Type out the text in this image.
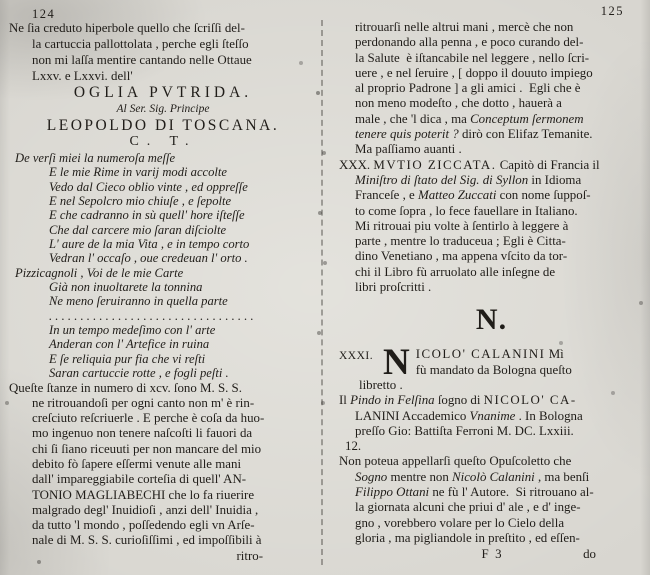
124
Ne ſia creduto hiperbole quello che ſcriſſi del-
la cartuccia pallottolata , perche egli ſteſſo
non mi laſſa mentire cantando nelle Ottaue
Lxxv. e Lxxvi. dell'
OGLIA PVTRIDA.
Al Ser. Sig. Principe
LEOPOLDO DI TOSCANA.
C. T.
De verſi miei la numeroſa meſſe
E le mie Rime in varij modi accolte
Vedo dal Cieco oblio vinte , ed oppreſſe
E nel Sepolcro mio chiuſe , e ſepolte
E che cadranno in sù quell' hore iſteſſe
Che dal carcere mio ſaran diſciolte
L' aure de la mia Vita , e in tempo corto
Vedran l' occaſo , oue credeuan l' orto .
Pizzicagnoli , Voi de le mie Carte
Già non inuoltarete la tonnina
Ne meno ſeruiranno in quella parte
. . . . . . . . . . . . . . . . . . . . . . . . . . . . . . . . .
In un tempo medeſimo con l' arte
Anderan con l' Artefice in ruina
E ſe reliquia pur fia che vi reſti
Saran cartuccie rotte , e fogli peſti .
Queſte ſtanze in numero di xcv. ſono M. S. S.
ne ritrouandoſi per ogni canto non m' è rin-
creſciuto reſcriuerle . E perche è coſa da huo-
mo ingenuo non tenere naſcoſti li fauori da
chi ſi ſiano riceuuti per non mancare del mio
debito fò ſapere eſſermi venute alle mani
dall' impareggiabile corteſia di quell' AN-
TONIO MAGLIABECHI che lo fa riuerire
malgrado degl' Inuidioſi , anzi dell' Inuidia ,
da tutto 'l mondo , poſſedendo egli vn Arſe-
nale di M. S. S. curioſiſſimi , ed impoſſibili à
ritro-
125
ritrouarſi nelle altrui mani , mercè che non
perdonando alla penna , e poco curando del-
la Salute  è iſtancabile nel leggere , nello ſcri-
uere , e nel ſeruire , [ doppo il douuto impiego
al proprio Padrone ] a gli amici .  Egli che è
non meno modeſto , che dotto , hauerà a
male , che 'l dica , ma Conceptum ſermonem
tenere quis poterit ? dirò con Elifaz Temanite.
Ma paſſiamo auanti .
XXX. MVTIO ZICCATA. Capitò di Francia il
Miniſtro di ſtato del Sig. di Syllon in Idioma
Franceſe , e Matteo Zuccati con nome ſuppoſ-
to come ſopra , lo fece fauellare in Italiano.
Mi ritrouai piu volte à ſentirlo à leggere à
parte , mentre lo traduceua ; Egli è Citta-
dino Venetiano , ma appena vſcito da tor-
chi il Libro fù arruolato alle inſegne de
libri proſcritti .
N.
XXXI. N ICOLO' CALANINI Mì
fù mandato da Bologna queſto
libretto .
Il Pindo in Felſina ſogno di NICOLO' CA-
LANINI Accademico Vnanime . In Bologna
preſſo Gio: Battiſta Ferroni M. DC. Lxxiii.
12.
Non poteua appellarſi queſto Opuſcoletto che
Sogno mentre non Nicolò Calanini , ma benſi
Filippo Ottani ne fù l' Autore.  Si ritrouano al-
la giornata alcuni che priui d' ale , e d' inge-
gno , vorebbero volare per lo Cielo della
gloria , ma pigliandole in preſtito , ed eſſen-
F  3	do
